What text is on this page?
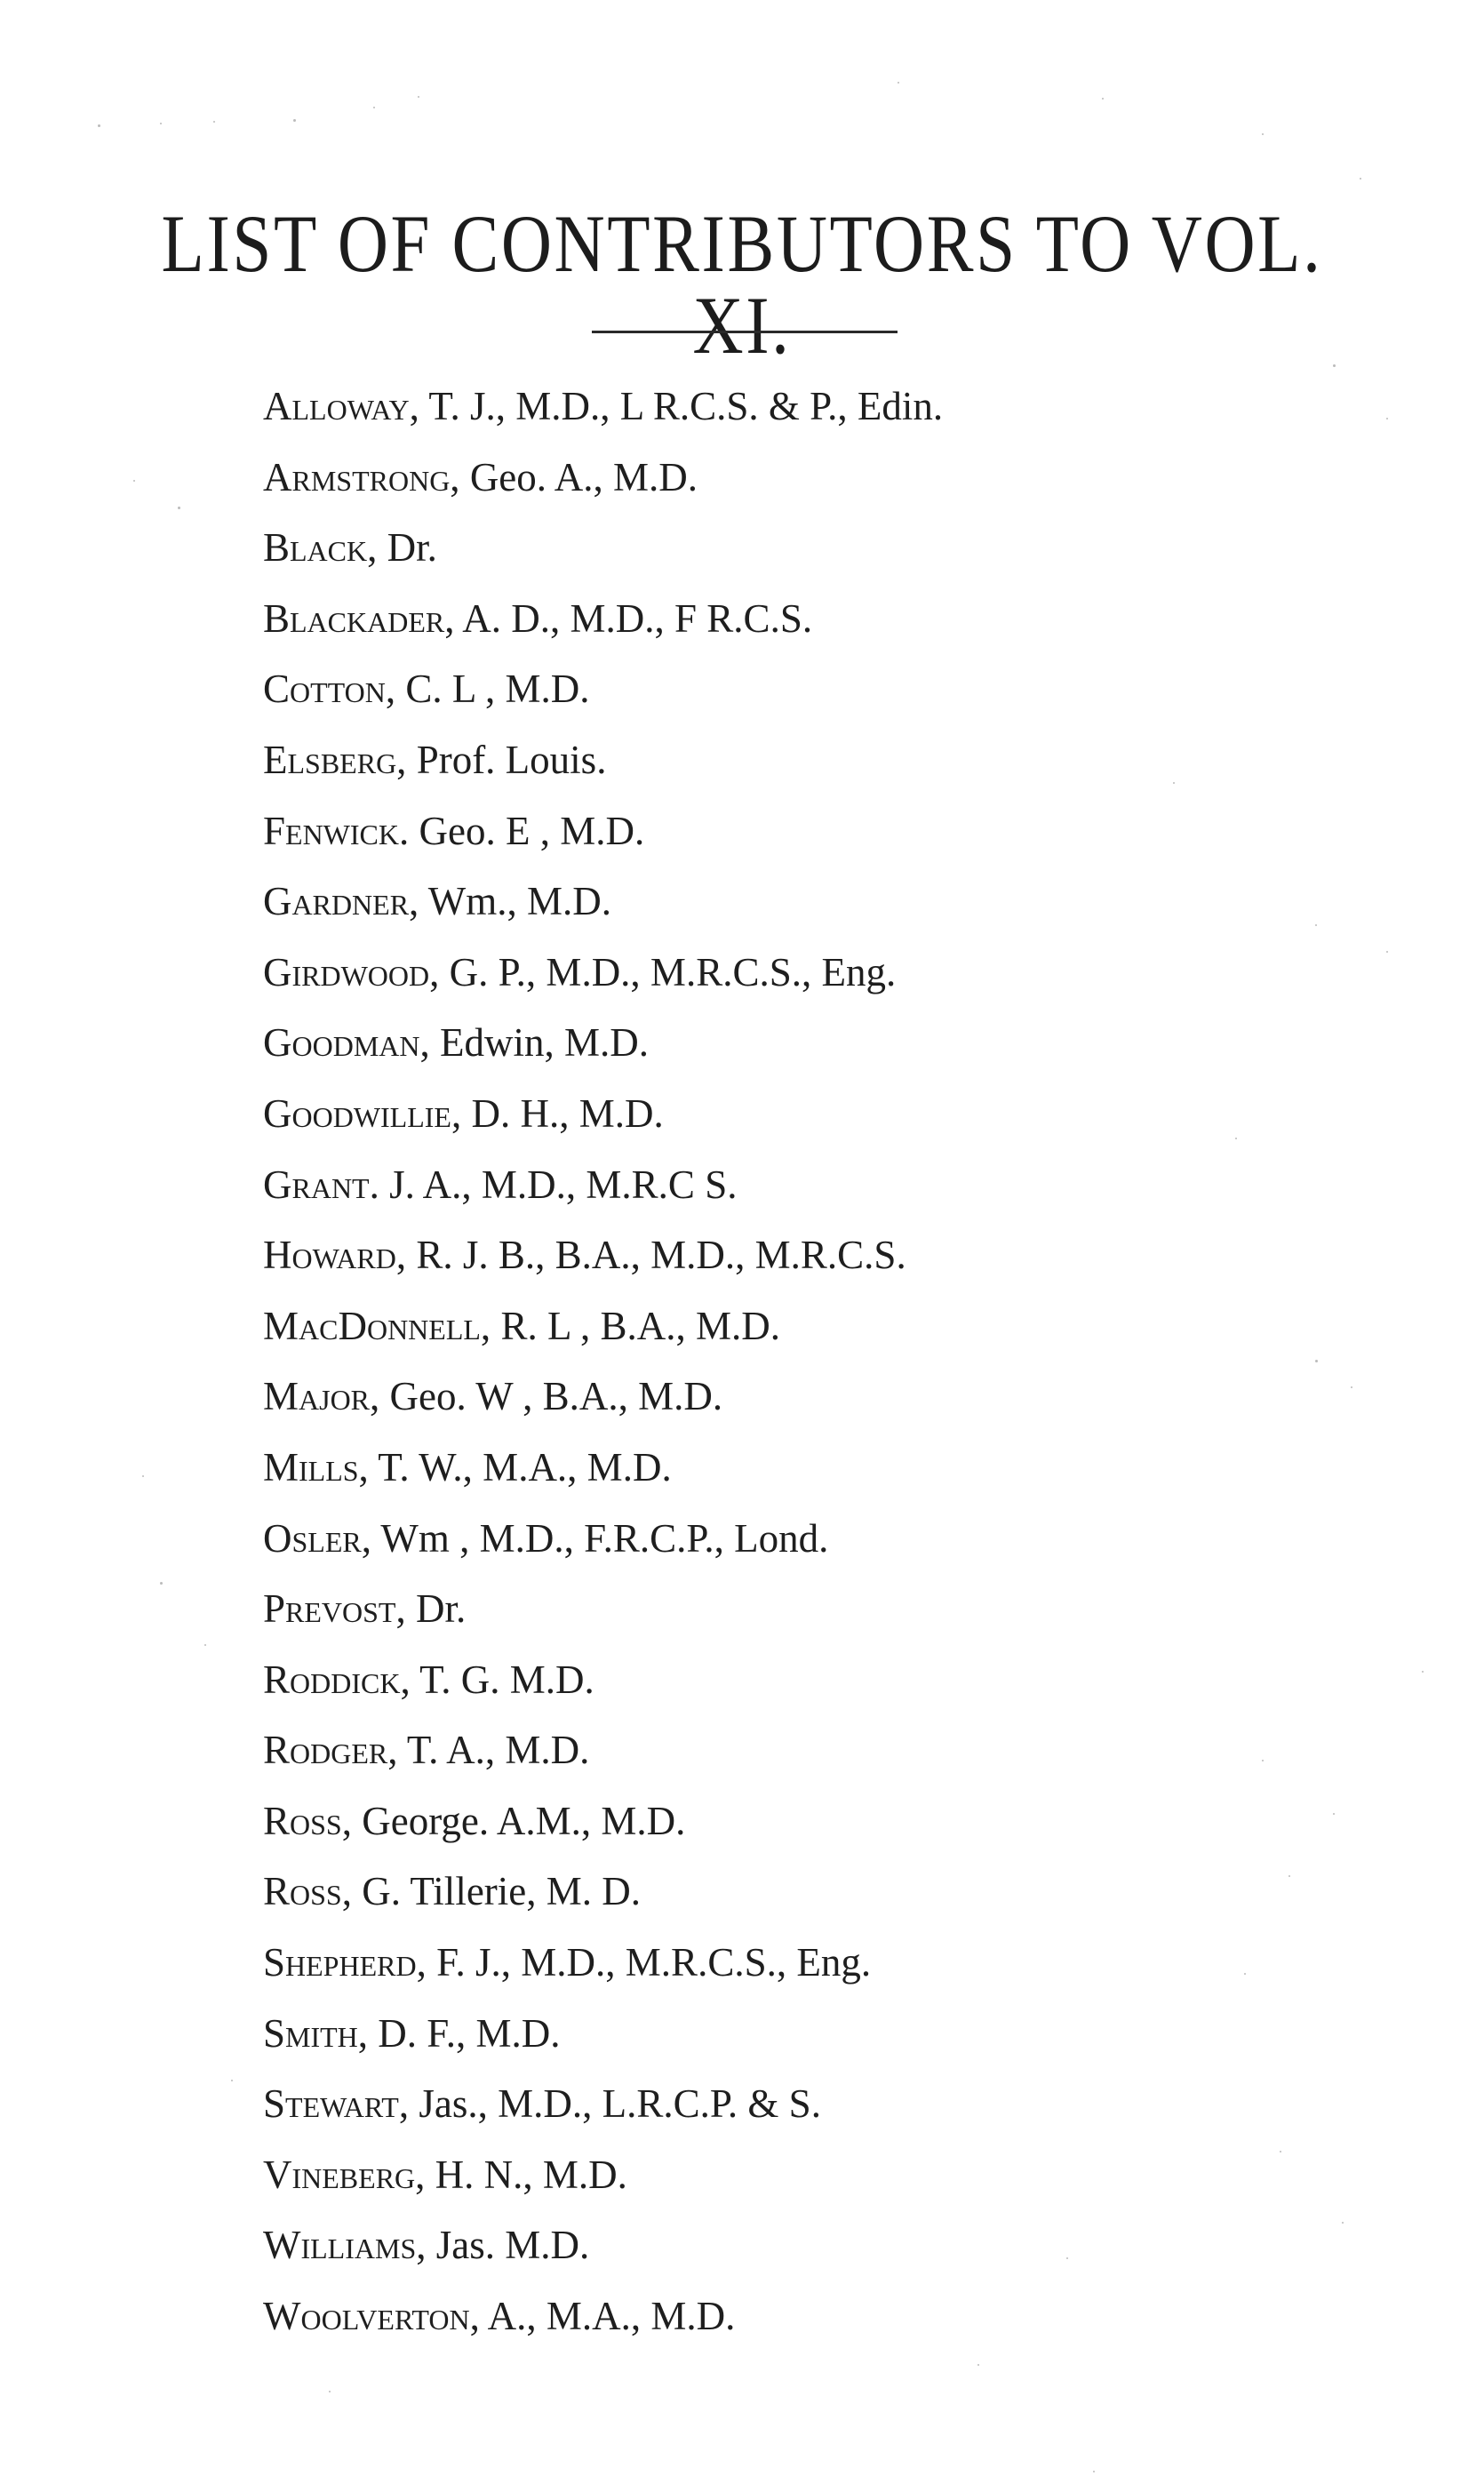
LIST OF CONTRIBUTORS TO VOL. XI.
Alloway, T. J., M.D., L R.C.S. & P., Edin.
Armstrong, Geo. A., M.D.
Black, Dr.
Blackader, A. D., M.D., F R.C.S.
Cotton, C. L , M.D.
Elsberg, Prof. Louis.
Fenwick. Geo. E , M.D.
Gardner, Wm., M.D.
Girdwood, G. P., M.D., M.R.C.S., Eng.
Goodman, Edwin, M.D.
Goodwillie, D. H., M.D.
Grant. J. A., M.D., M.R.C S.
Howard, R. J. B., B.A., M.D., M.R.C.S.
MacDonnell, R. L , B.A., M.D.
Major, Geo. W , B.A., M.D.
Mills, T. W., M.A., M.D.
Osler, Wm , M.D., F.R.C.P., Lond.
Prevost, Dr.
Roddick, T. G. M.D.
Rodger, T. A., M.D.
Ross, George. A.M., M.D.
Ross, G. Tillerie, M. D.
Shepherd, F. J., M.D., M.R.C.S., Eng.
Smith, D. F., M.D.
Stewart, Jas., M.D., L.R.C.P. & S.
Vineberg, H. N., M.D.
Williams, Jas. M.D.
Woolverton, A., M.A., M.D.
